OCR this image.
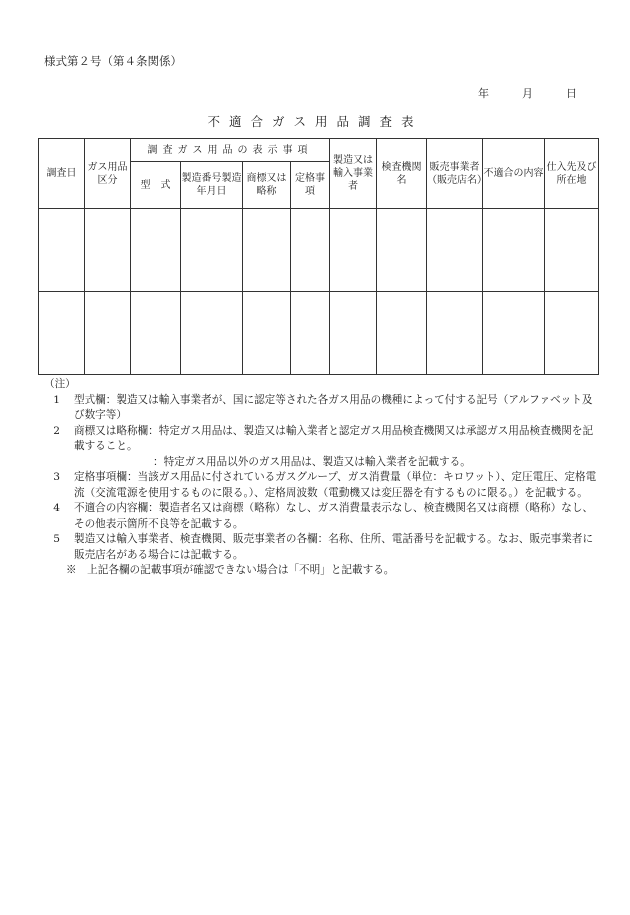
様式第２号（第４条関係）
年	月	日
不適合ガス用品調査表
調査日	ガス用品区分	調査ガス用品の表示事項				製造又は輸入事業者	検査機関名	販売事業者（販売店名）	不適合の内容	仕入先及び所在地
		型　式	製造番号製造年月日	商標又は略称	定格事項					

（注）
1	型式欄：製造又は輸入事業者が、国に認定等された各ガス用品の機種によって付する記号（アルファベット及び数字等）
2	商標又は略称欄：特定ガス用品は、製造又は輸入業者と認定ガス用品検査機関又は承認ガス用品検査機関を記載すること。
：特定ガス用品以外のガス用品は、製造又は輸入業者を記載する。
3	定格事項欄：当該ガス用品に付されているガスグループ、ガス消費量（単位：キロワット）、定圧電圧、定格電流（交流電源を使用するものに限る。）、定格周波数（電動機又は変圧器を有するものに限る。）を記載する。
4	不適合の内容欄：製造者名又は商標（略称）なし、ガス消費量表示なし、検査機関名又は商標（略称）なし、その他表示箇所不良等を記載する。
5	製造又は輸入事業者、検査機関、販売事業者の各欄：名称、住所、電話番号を記載する。なお、販売事業者に販売店名がある場合には記載する。
※　上記各欄の記載事項が確認できない場合は「不明」と記載する。
